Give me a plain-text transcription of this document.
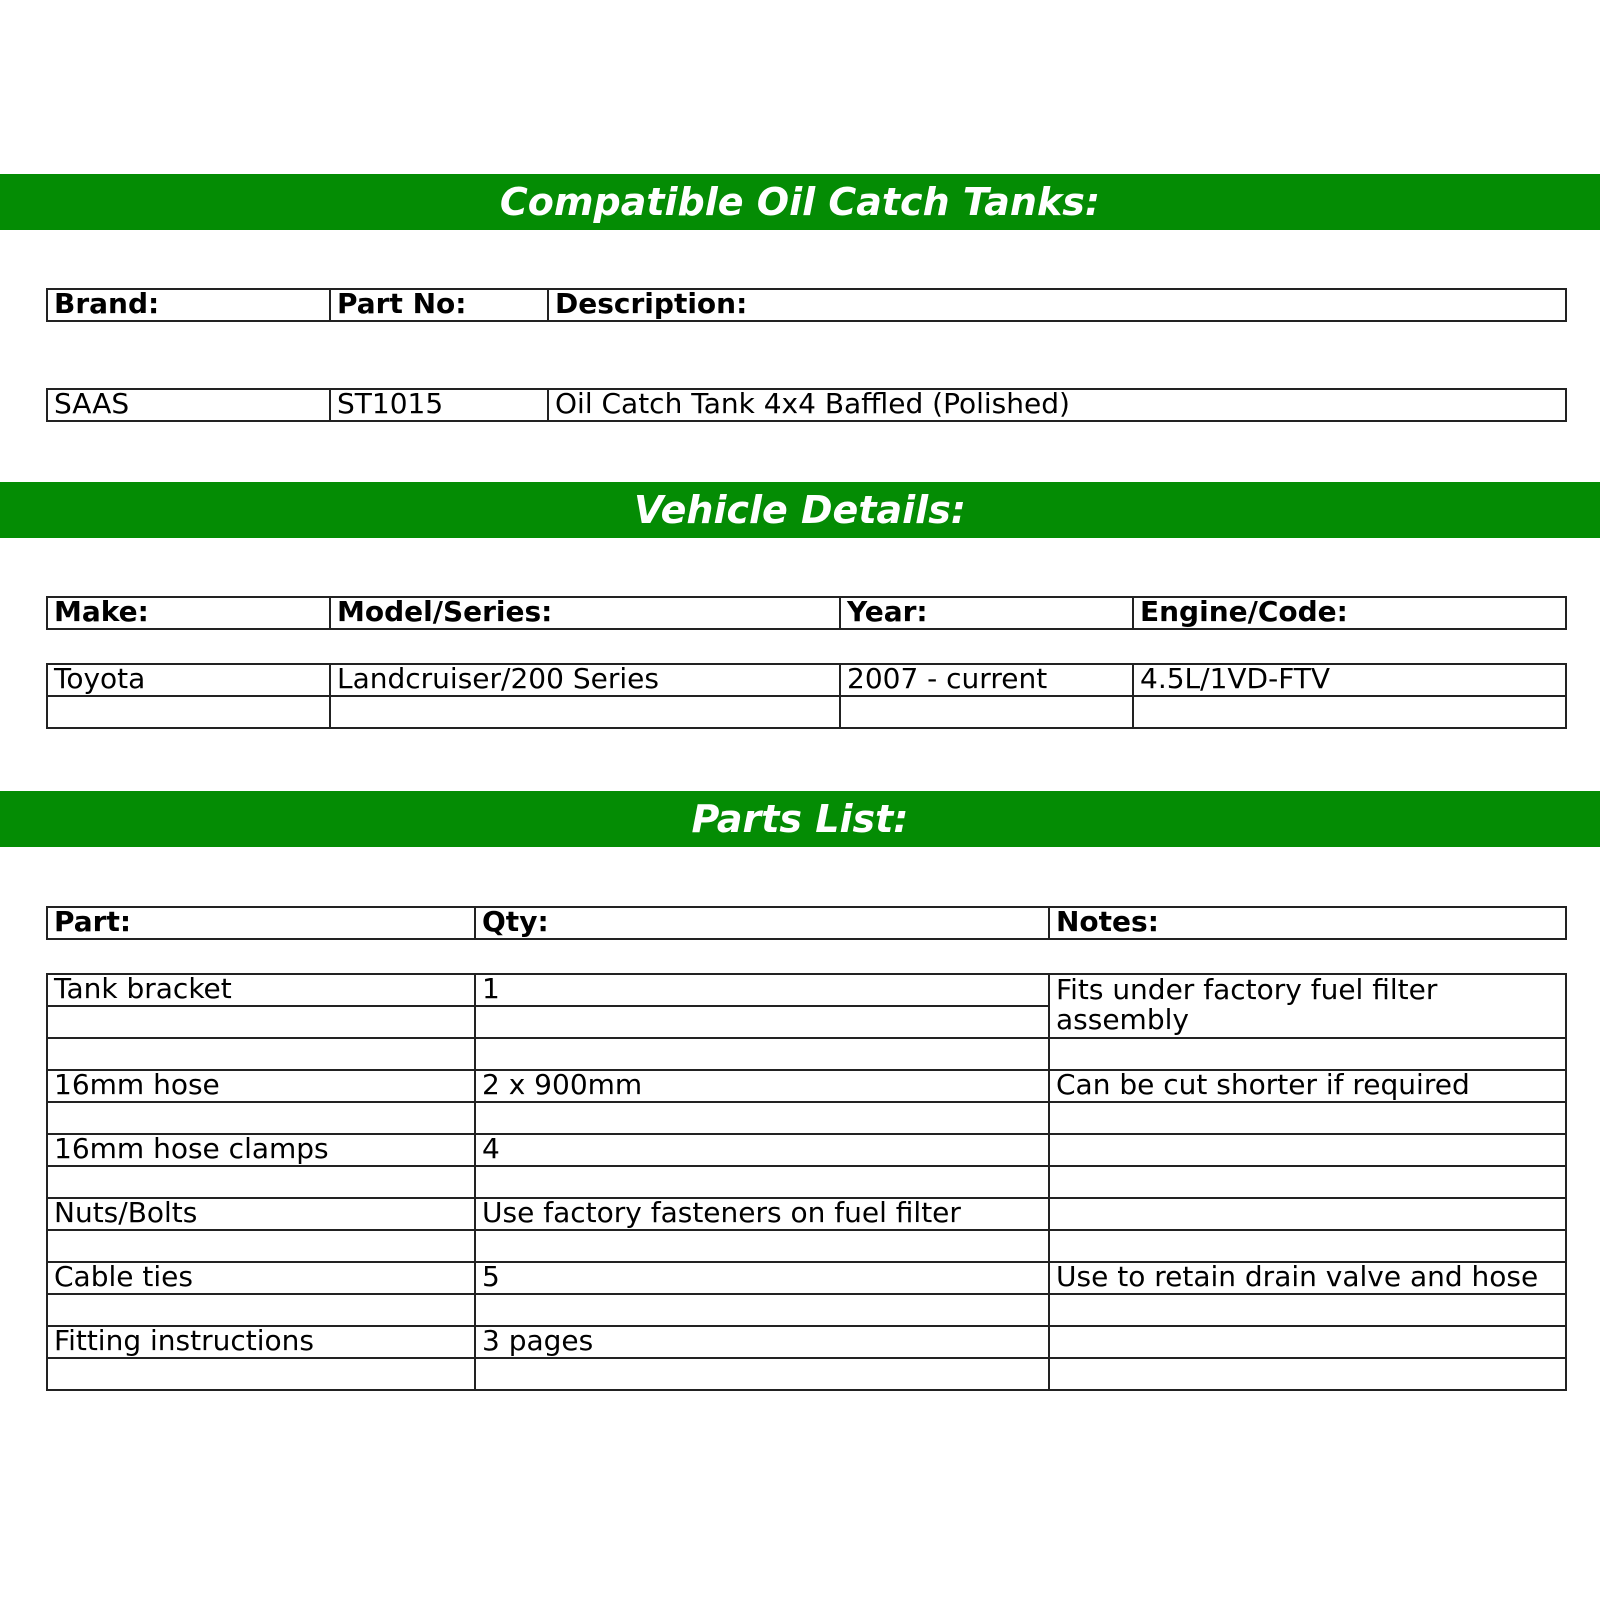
Compatible Oil Catch Tanks:
Brand:	Part No:	Description:
SAAS	ST1015	Oil Catch Tank 4x4 Baffled (Polished)
Vehicle Details:
Make:	Model/Series:	Year:	Engine/Code:
Toyota	Landcruiser/200 Series	2007 - current	4.5L/1VD-FTV

Parts List:
Part:	Qty:	Notes:
Tank bracket	1	Fits under factory fuel filter assembly

16mm hose	2 x 900mm	Can be cut shorter if required

16mm hose clamps	4	

Nuts/Bolts	Use factory fasteners on fuel filter	

Cable ties	5	Use to retain drain valve and hose

Fitting instructions	3 pages	
